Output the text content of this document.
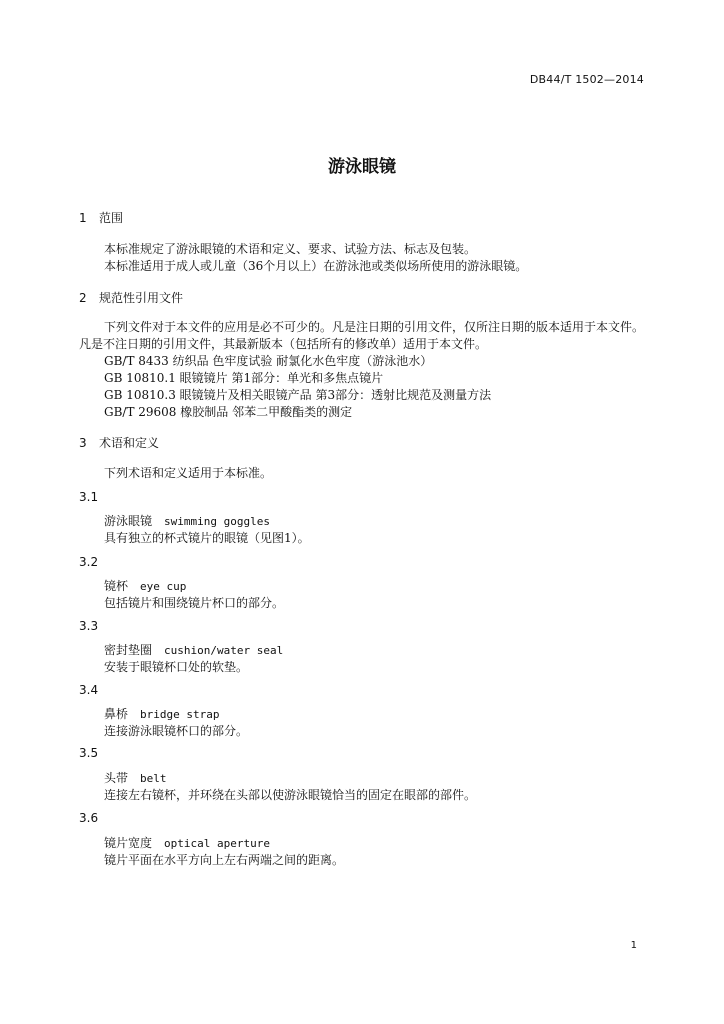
DB44/T 1502—2014
游泳眼镜
1 范围
本标准规定了游泳眼镜的术语和定义、要求、试验方法、标志及包装。
本标准适用于成人或儿童（36个月以上）在游泳池或类似场所使用的游泳眼镜。
2 规范性引用文件
下列文件对于本文件的应用是必不可少的。凡是注日期的引用文件，仅所注日期的版本适用于本文件。凡是不注日期的引用文件，其最新版本（包括所有的修改单）适用于本文件。
GB/T 8433 纺织品 色牢度试验 耐氯化水色牢度（游泳池水）
GB 10810.1 眼镜镜片 第1部分：单光和多焦点镜片
GB 10810.3 眼镜镜片及相关眼镜产品 第3部分：透射比规范及测量方法
GB/T 29608 橡胶制品 邻苯二甲酸酯类的测定
3 术语和定义
下列术语和定义适用于本标准。
3.1
游泳眼镜 swimming goggles
具有独立的杯式镜片的眼镜（见图1）。
3.2
镜杯 eye cup
包括镜片和围绕镜片杯口的部分。
3.3
密封垫圈 cushion/water seal
安装于眼镜杯口处的软垫。
3.4
鼻桥 bridge strap
连接游泳眼镜杯口的部分。
3.5
头带 belt
连接左右镜杯，并环绕在头部以使游泳眼镜恰当的固定在眼部的部件。
3.6
镜片宽度 optical aperture
镜片平面在水平方向上左右两端之间的距离。
1
